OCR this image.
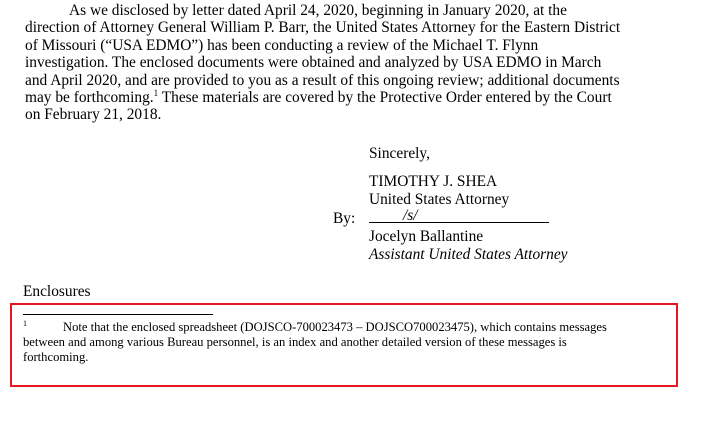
As we disclosed by letter dated April 24, 2020, beginning in January 2020, at the
direction of Attorney General William P. Barr, the United States Attorney for the Eastern District
of Missouri (“USA EDMO”) has been conducting a review of the Michael T. Flynn
investigation. The enclosed documents were obtained and analyzed by USA EDMO in March
and April 2020, and are provided to you as a result of this ongoing review; additional documents
may be forthcoming.$^1$ These materials are covered by the Protective Order entered by the Court
on February 21, 2018.
Sincerely,
TIMOTHY J. SHEA
United States Attorney
By:	/s/
Jocelyn Ballantine
Assistant United States Attorney
Enclosures
$^1$	Note that the enclosed spreadsheet (DOJSCO-700023473 – DOJSCO700023475), which contains messages
between and among various Bureau personnel, is an index and another detailed version of these messages is
forthcoming.
